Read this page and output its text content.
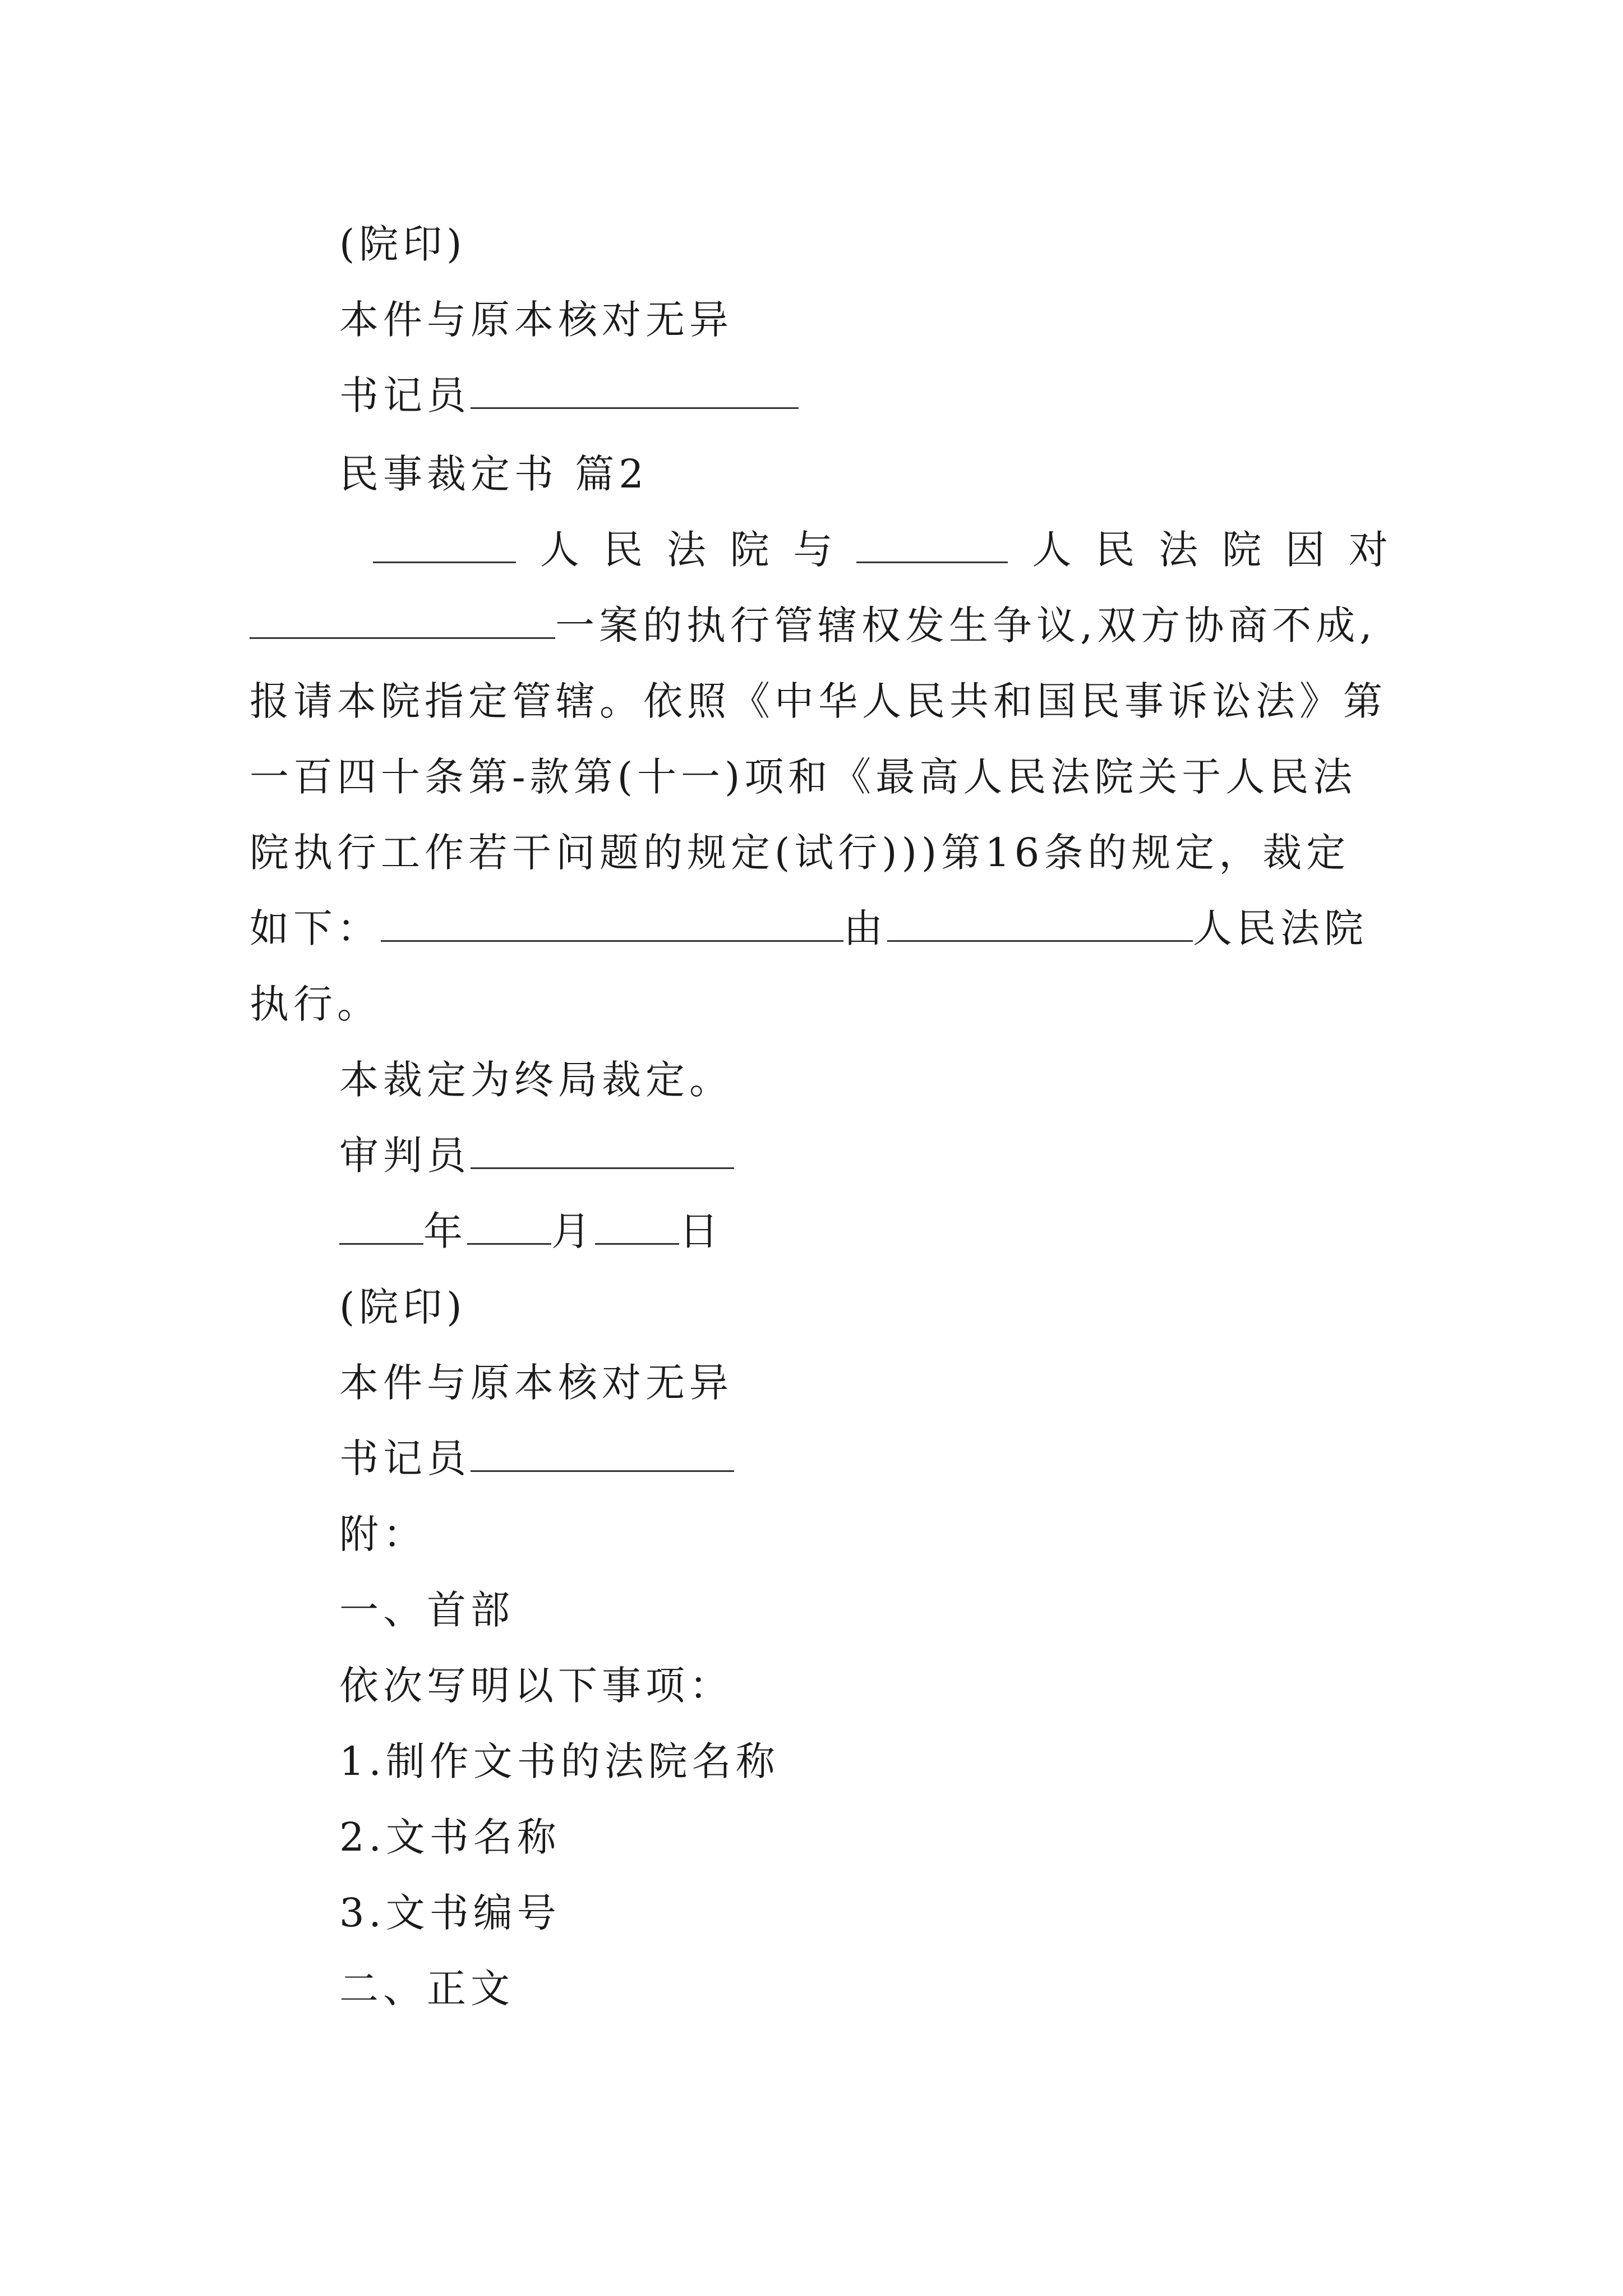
(院印)
本件与原本核对无异
书记员
民事裁定书 篇2
人 民 法 院 与	人 民 法 院 因 对
一案的执行管辖权发生争议,双方协商不成,
报请本院指定管辖。依照《中华人民共和国民事诉讼法》第
一百四十条第-款第(十一)项和《最高人民法院关于人民法
院执行工作若干问题的规定(试行)))第16条的规定，裁定
如下：	由	人民法院
执行。
本裁定为终局裁定。
审判员
年 月 日
(院印)
本件与原本核对无异
书记员
附：
一、首部
依次写明以下事项：
1.制作文书的法院名称
2.文书名称
3.文书编号
二、正文
